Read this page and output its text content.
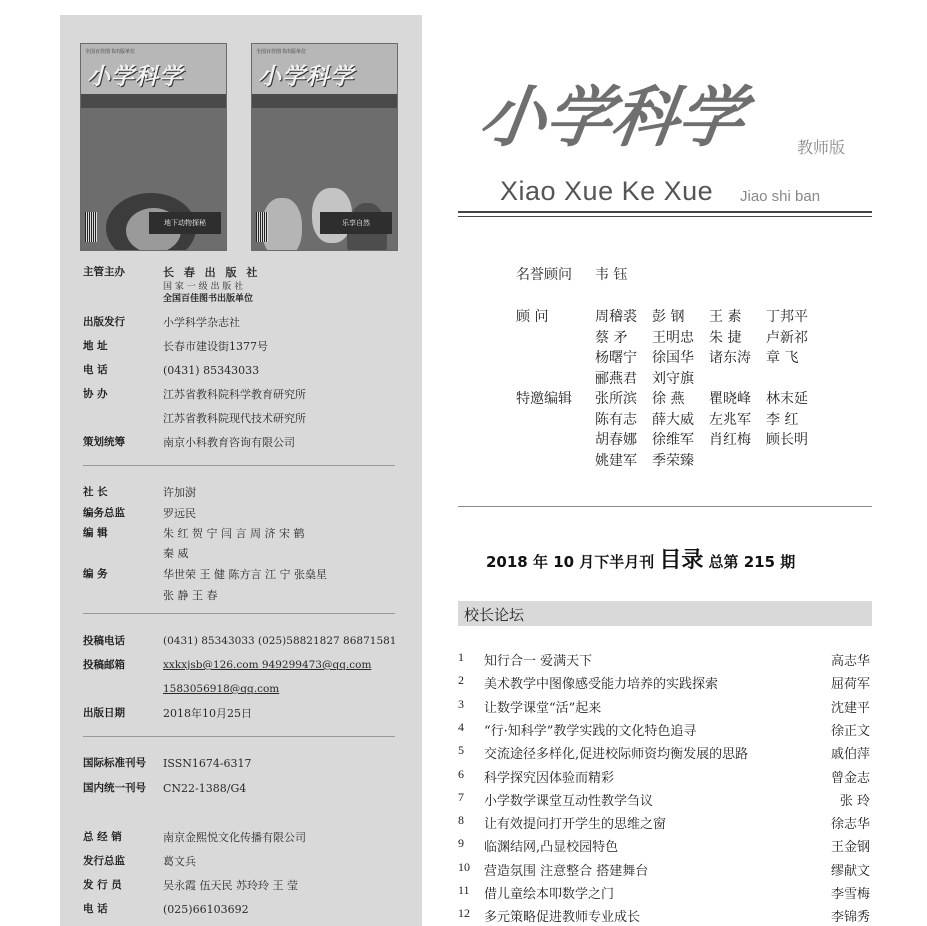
全国百佳图书出版单位
小学科学
地下动物探秘
全国百佳图书出版单位
小学科学
乐享自然
主管主办	长 春 出 版 社
国 家 一 级 出 版 社
全国百佳图书出版单位
出版发行	小学科学杂志社
地 址	长春市建设街1377号
电 话	(0431) 85343033
协 办	江苏省教科院科学教育研究所
江苏省教科院现代技术研究所
策划统筹	南京小科教育咨询有限公司
社 长	许加澍
编务总监	罗远民
编 辑	朱 红 贺 宁 闫 言 周 济 宋 鹤
秦 威
编 务	华世荣 王 健 陈方言 江 宁 张燊星
张 静 王 春
投稿电话	(0431) 85343033 (025)58821827 86871581
投稿邮箱	xxkxjsb@126.com 949299473@qq.com
1583056918@qq.com
出版日期	2018年10月25日
国际标准刊号 ISSN1674-6317
国内统一刊号 CN22-1388/G4
总 经 销	南京金熙悦文化传播有限公司
发行总监	葛文兵
发 行 员	吴永霞 伍天民 苏玲玲 王 莹
电 话	(025)66103692
小学科学	教师版
Xiao Xue Ke Xue Jiao shi ban
名誉顾问 韦 钰
顾 问	周稽裘 彭 钢 王 素 丁邦平
蔡 矛 王明忠 朱 捷 卢新祁
杨曙宁 徐国华 诸东涛 章 飞
郦燕君 刘守旗
特邀编辑 张所滨 徐 燕 瞿晓峰 林末延
陈有志 薛大威 左兆军 李 红
胡春娜 徐维军 肖红梅 顾长明
姚建军 季荣臻
2018 年 10 月下半月刊 目录 总第 215 期
校长论坛
1	知行合一 爱满天下	高志华
2	美术教学中图像感受能力培养的实践探索	屈荷军
3	让数学课堂“活”起来	沈建平
4	“行·知科学”教学实践的文化特色追寻	徐正文
5	交流途径多样化,促进校际师资均衡发展的思路	戚伯萍
6	科学探究因体验而精彩	曾金志
7	小学数学课堂互动性教学刍议	张 玲
8	让有效提问打开学生的思维之窗	徐志华
9	临渊结网,凸显校园特色	王金钢
10	营造氛围 注意整合 搭建舞台	缪献文
11	借儿童绘本叩数学之门	李雪梅
12	多元策略促进教师专业成长	李锦秀
